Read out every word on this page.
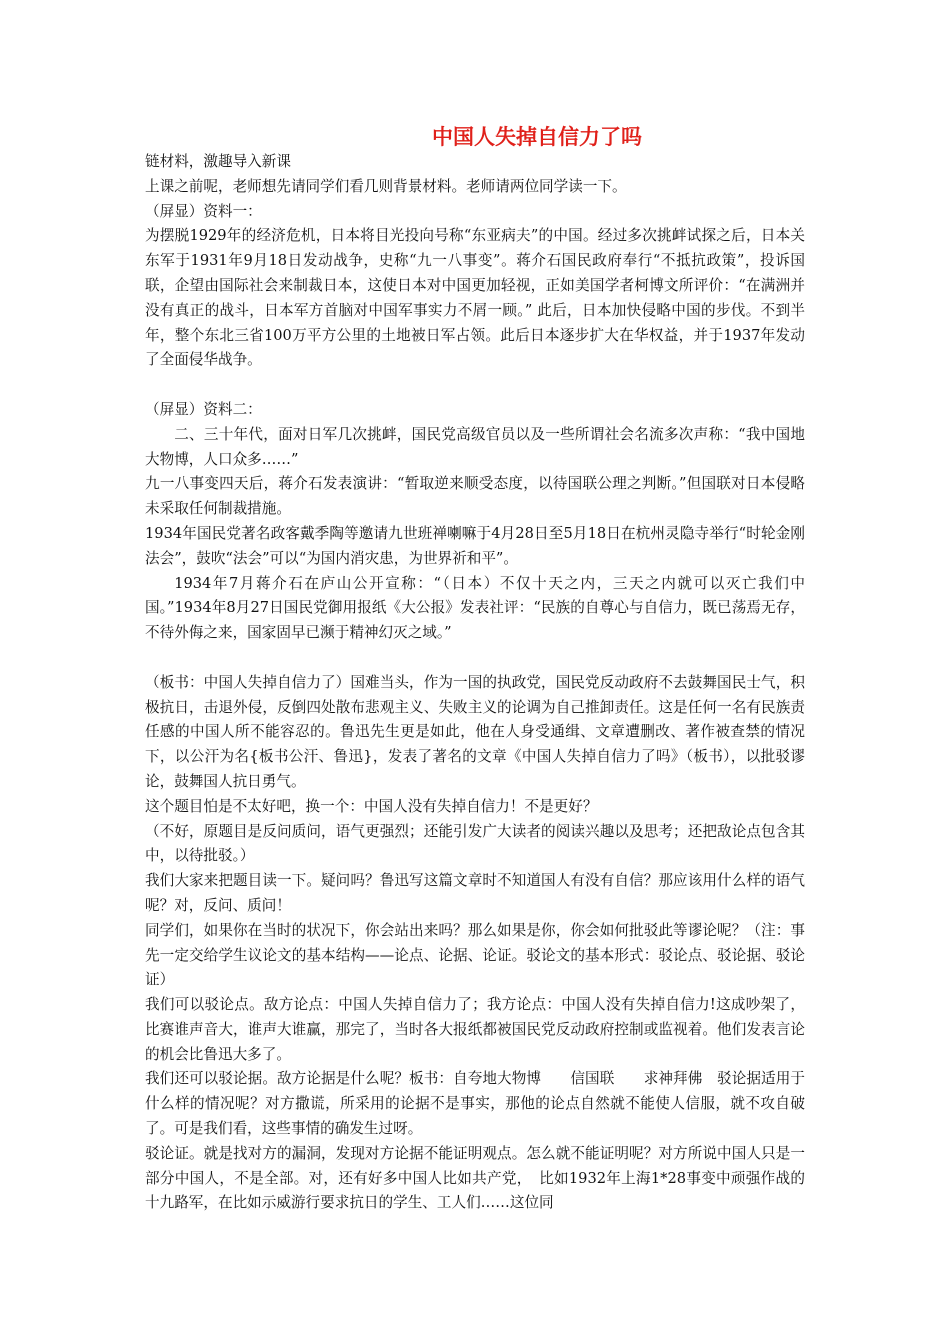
中国人失掉自信力了吗

链材料，激趣导入新课

上课之前呢，老师想先请同学们看几则背景材料。老师请两位同学读一下。

（屏显）资料一：

为摆脱1929年的经济危机，日本将目光投向号称“东亚病夫”的中国。经过多次挑衅试探之后，日本关东军于1931年9月18日发动战争，史称“九一八事变”。蒋介石国民政府奉行“不抵抗政策”，投诉国联，企望由国际社会来制裁日本，这使日本对中国更加轻视，正如美国学者柯博文所评价：“在满洲并没有真正的战斗，日本军方首脑对中国军事实力不屑一顾。” 此后，日本加快侵略中国的步伐。不到半年，整个东北三省100万平方公里的土地被日军占领。此后日本逐步扩大在华权益，并于1937年发动了全面侵华战争。

（屏显）资料二：

二、三十年代，面对日军几次挑衅，国民党高级官员以及一些所谓社会名流多次声称：“我中国地大物博，人口众多……”

九一八事变四天后，蒋介石发表演讲：“暂取逆来顺受态度，以待国联公理之判断。”但国联对日本侵略未采取任何制裁措施。

1934年国民党著名政客戴季陶等邀请九世班禅喇嘛于4月28日至5月18日在杭州灵隐寺举行“时轮金刚法会”，鼓吹“法会”可以“为国内消灾患，为世界祈和平”。

1934年7月蒋介石在庐山公开宣称：“（日本）不仅十天之内，三天之内就可以灭亡我们中国。”1934年8月27日国民党御用报纸《大公报》发表社评：“民族的自尊心与自信力，既已荡焉无存，不待外侮之来，国家固早已濒于精神幻灭之域。”

（板书：中国人失掉自信力了）国难当头，作为一国的执政党，国民党反动政府不去鼓舞国民士气，积极抗日，击退外侵，反倒四处散布悲观主义、失败主义的论调为自己推卸责任。这是任何一名有民族责任感的中国人所不能容忍的。鲁迅先生更是如此，他在人身受通缉、文章遭删改、著作被查禁的情况下，以公汗为名{板书公汗、鲁迅}，发表了著名的文章《中国人失掉自信力了吗》（板书），以批驳谬论，鼓舞国人抗日勇气。

这个题目怕是不太好吧，换一个：中国人没有失掉自信力！不是更好？

（不好，原题目是反问质问，语气更强烈；还能引发广大读者的阅读兴趣以及思考；还把敌论点包含其中，以待批驳。）

我们大家来把题目读一下。疑问吗？鲁迅写这篇文章时不知道国人有没有自信？那应该用什么样的语气呢？对，反问、质问！

同学们，如果你在当时的状况下，你会站出来吗？那么如果是你，你会如何批驳此等谬论呢？（注：事先一定交给学生议论文的基本结构——论点、论据、论证。驳论文的基本形式：驳论点、驳论据、驳论证）

我们可以驳论点。敌方论点：中国人失掉自信力了；我方论点：中国人没有失掉自信力!这成吵架了，比赛谁声音大，谁声大谁赢，那完了，当时各大报纸都被国民党反动政府控制或监视着。他们发表言论的机会比鲁迅大多了。

我们还可以驳论据。敌方论据是什么呢？板书：自夸地大物博　　信国联　　求神拜佛　驳论据适用于什么样的情况呢？对方撒谎，所采用的论据不是事实，那他的论点自然就不能使人信服，就不攻自破了。可是我们看，这些事情的确发生过呀。

驳论证。就是找对方的漏洞，发现对方论据不能证明观点。怎么就不能证明呢？对方所说中国人只是一部分中国人，不是全部。对，还有好多中国人比如共产党，　比如1932年上海1*28事变中顽强作战的十九路军，在比如示威游行要求抗日的学生、工人们……这位同
